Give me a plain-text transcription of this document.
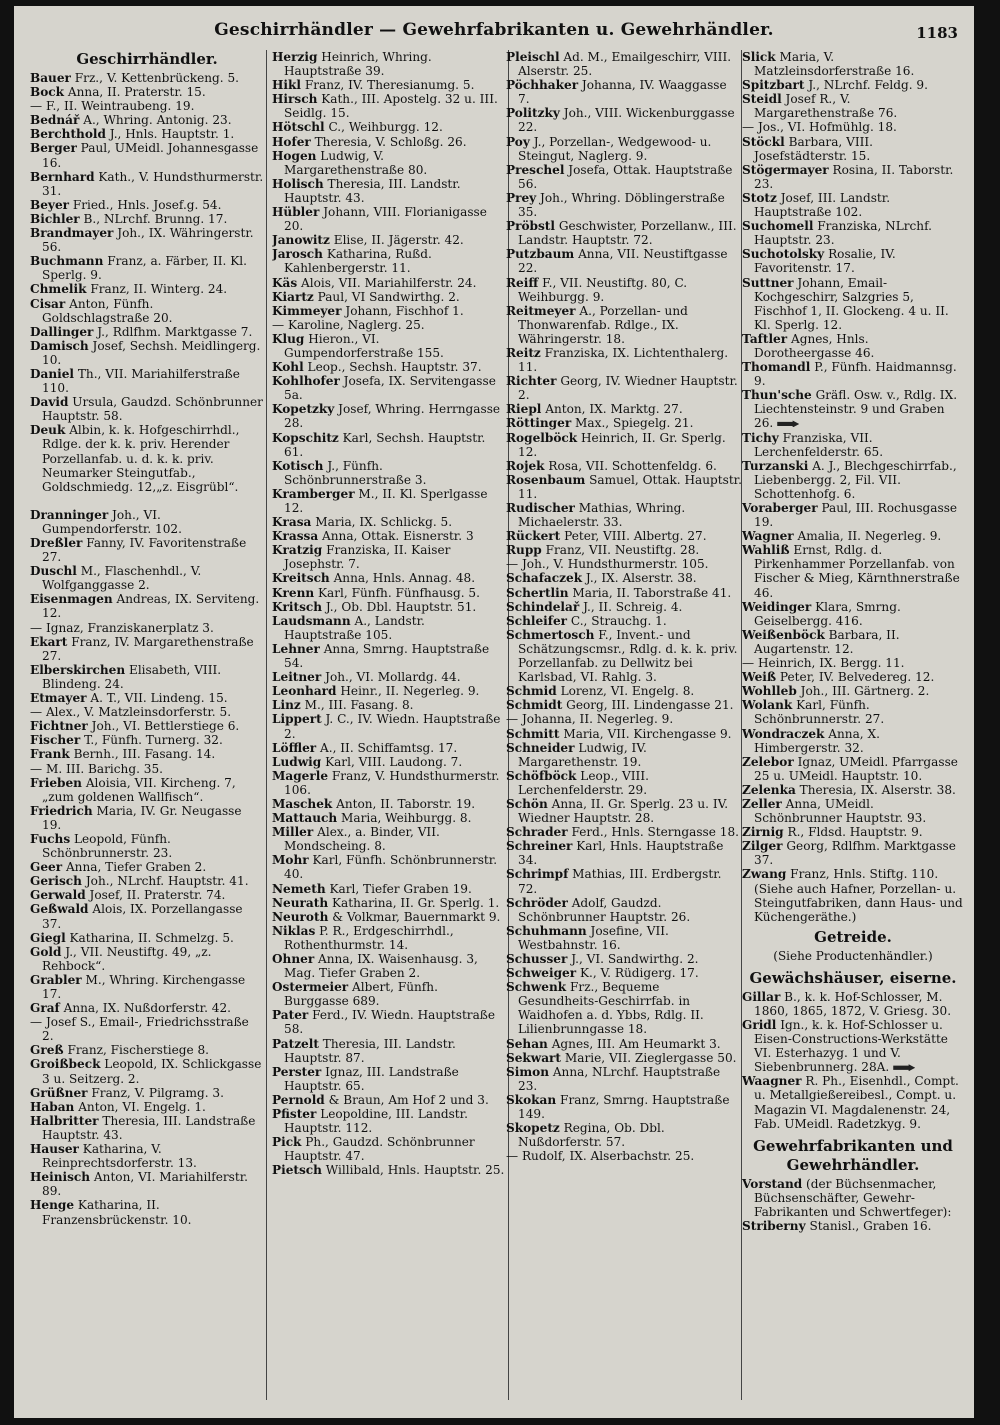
Geschirrhändler — Gewehrfabrikanten u. Gewehrhändler.	1183
Geschirrhändler.
Bauer Frz., V. Kettenbrückeng. 5.
Bock Anna, II. Praterstr. 15.
— F., II. Weintraubeng. 19.
Bednář A., Whring. Antonig. 23.
Berchthold J., Hnls. Hauptstr. 1.
Berger Paul, UMeidl. Johannesgasse 16.
Bernhard Kath., V. Hundsthurmerstr. 31.
Beyer Fried., Hnls. Josef.g. 54.
Bichler B., NLrchf. Brunng. 17.
Brandmayer Joh., IX. Währingerstr. 56.
Buchmann Franz, a. Färber, II. Kl. Sperlg. 9.
Chmelik Franz, II. Winterg. 24.
Cisar Anton, Fünfh. Goldschlagstraße 20.
Dallinger J., Rdlfhm. Marktgasse 7.
Damisch Josef, Sechsh. Meidlingerg. 10.
Daniel Th., VII. Mariahilferstraße 110.
David Ursula, Gaudzd. Schönbrunner Hauptstr. 58.
Deuk Albin, k. k. Hofgeschirrhdl., Rdlge. der k. k. priv. Herender Porzellanfab. u. d. k. k. priv. Neumarker Steingutfab., Goldschmiedg. 12,„z. Eisgrübl“.
Dranninger Joh., VI. Gumpendorferstr. 102.
Dreßler Fanny, IV. Favoritenstraße 27.
Duschl M., Flaschenhdl., V. Wolfganggasse 2.
Eisenmagen Andreas, IX. Serviteng. 12.
— Ignaz, Franziskanerplatz 3.
Ekart Franz, IV. Margarethenstraße 27.
Elberskirchen Elisabeth, VIII. Blindeng. 24.
Etmayer A. T., VII. Lindeng. 15.
— Alex., V. Matzleinsdorferstr. 5.
Fichtner Joh., VI. Bettlerstiege 6.
Fischer T., Fünfh. Turnerg. 32.
Frank Bernh., III. Fasang. 14.
— M. III. Barichg. 35.
Frieben Aloisia, VII. Kircheng. 7, „zum goldenen Wallfisch“.
Friedrich Maria, IV. Gr. Neugasse 19.
Fuchs Leopold, Fünfh. Schönbrunnerstr. 23.
Geer Anna, Tiefer Graben 2.
Gerisch Joh., NLrchf. Hauptstr. 41.
Gerwald Josef, II. Praterstr. 74.
Geßwald Alois, IX. Porzellangasse 37.
Giegl Katharina, II. Schmelzg. 5.
Gold J., VII. Neustiftg. 49, „z. Rehbock“.
Grabler M., Whring. Kirchengasse 17.
Graf Anna, IX. Nußdorferstr. 42.
— Josef S., Email-, Friedrichsstraße 2.
Greß Franz, Fischerstiege 8.
Groißbeck Leopold, IX. Schlickgasse 3 u. Seitzerg. 2.
Grüßner Franz, V. Pilgramg. 3.
Haban Anton, VI. Engelg. 1.
Halbritter Theresia, III. Landstraße Hauptstr. 43.
Hauser Katharina, V. Reinprechtsdorferstr. 13.
Heinisch Anton, VI. Mariahilferstr. 89.
Henge Katharina, II. Franzensbrückenstr. 10.
Herzig Heinrich, Whring. Hauptstraße 39.
Hikl Franz, IV. Theresianumg. 5.
Hirsch Kath., III. Apostelg. 32 u. III. Seidlg. 15.
Hötschl C., Weihburgg. 12.
Hofer Theresia, V. Schloßg. 26.
Hogen Ludwig, V. Margarethenstraße 80.
Holisch Theresia, III. Landstr. Hauptstr. 43.
Hübler Johann, VIII. Florianigasse 20.
Janowitz Elise, II. Jägerstr. 42.
Jarosch Katharina, Rußd. Kahlenbergerstr. 11.
Käs Alois, VII. Mariahilferstr. 24.
Kiartz Paul, VI Sandwirthg. 2.
Kimmeyer Johann, Fischhof 1.
— Karoline, Naglerg. 25.
Klug Hieron., VI. Gumpendorferstraße 155.
Kohl Leop., Sechsh. Hauptstr. 37.
Kohlhofer Josefa, IX. Servitengasse 5a.
Kopetzky Josef, Whring. Herrngasse 28.
Kopschitz Karl, Sechsh. Hauptstr. 61.
Kotisch J., Fünfh. Schönbrunnerstraße 3.
Kramberger M., II. Kl. Sperlgasse 12.
Krasa Maria, IX. Schlickg. 5.
Krassa Anna, Ottak. Eisnerstr. 3
Kratzig Franziska, II. Kaiser Josephstr. 7.
Kreitsch Anna, Hnls. Annag. 48.
Krenn Karl, Fünfh. Fünfhausg. 5.
Kritsch J., Ob. Dbl. Hauptstr. 51.
Laudsmann A., Landstr. Hauptstraße 105.
Lehner Anna, Smrng. Hauptstraße 54.
Leitner Joh., VI. Mollardg. 44.
Leonhard Heinr., II. Negerleg. 9.
Linz M., III. Fasang. 8.
Lippert J. C., IV. Wiedn. Hauptstraße 2.
Löffler A., II. Schiffamtsg. 17.
Ludwig Karl, VIII. Laudong. 7.
Magerle Franz, V. Hundsthurmerstr. 106.
Maschek Anton, II. Taborstr. 19.
Mattauch Maria, Weihburgg. 8.
Miller Alex., a. Binder, VII. Mondscheing. 8.
Mohr Karl, Fünfh. Schönbrunnerstr. 40.
Nemeth Karl, Tiefer Graben 19.
Neurath Katharina, II. Gr. Sperlg. 1.
Neuroth & Volkmar, Bauernmarkt 9.
Niklas P. R., Erdgeschirrhdl., Rothenthurmstr. 14.
Ohner Anna, IX. Waisenhausg. 3, Mag. Tiefer Graben 2.
Ostermeier Albert, Fünfh. Burggasse 689.
Pater Ferd., IV. Wiedn. Hauptstraße 58.
Patzelt Theresia, III. Landstr. Hauptstr. 87.
Perster Ignaz, III. Landstraße Hauptstr. 65.
Pernold & Braun, Am Hof 2 und 3.
Pfister Leopoldine, III. Landstr. Hauptstr. 112.
Pick Ph., Gaudzd. Schönbrunner Hauptstr. 47.
Pietsch Willibald, Hnls. Hauptstr. 25.
Pleischl Ad. M., Emailgeschirr, VIII. Alserstr. 25.
Pöchhaker Johanna, IV. Waaggasse 7.
Politzky Joh., VIII. Wickenburggasse 22.
Poy J., Porzellan-, Wedgewood- u. Steingut, Naglerg. 9.
Preschel Josefa, Ottak. Hauptstraße 56.
Prey Joh., Whring. Döblingerstraße 35.
Pröbstl Geschwister, Porzellanw., III. Landstr. Hauptstr. 72.
Putzbaum Anna, VII. Neustiftgasse 22.
Reiff F., VII. Neustiftg. 80, C. Weihburgg. 9.
Reitmeyer A., Porzellan- und Thonwarenfab. Rdlge., IX. Währingerstr. 18.
Reitz Franziska, IX. Lichtenthalerg. 11.
Richter Georg, IV. Wiedner Hauptstr. 2.
Riepl Anton, IX. Marktg. 27.
Röttinger Max., Spiegelg. 21.
Rogelböck Heinrich, II. Gr. Sperlg. 12.
Rojek Rosa, VII. Schottenfeldg. 6.
Rosenbaum Samuel, Ottak. Hauptstr. 11.
Rudischer Mathias, Whring. Michaelerstr. 33.
Rückert Peter, VIII. Albertg. 27.
Rupp Franz, VII. Neustiftg. 28.
— Joh., V. Hundsthurmerstr. 105.
Schafaczek J., IX. Alserstr. 38.
Schertlin Maria, II. Taborstraße 41.
Schindelař J., II. Schreig. 4.
Schleifer C., Strauchg. 1.
Schmertosch F., Invent.- und Schätzungscmsr., Rdlg. d. k. k. priv. Porzellanfab. zu Dellwitz bei Karlsbad, VI. Rahlg. 3.
Schmid Lorenz, VI. Engelg. 8.
Schmidt Georg, III. Lindengasse 21.
— Johanna, II. Negerleg. 9.
Schmitt Maria, VII. Kirchengasse 9.
Schneider Ludwig, IV. Margarethenstr. 19.
Schöfböck Leop., VIII. Lerchenfelderstr. 29.
Schön Anna, II. Gr. Sperlg. 23 u. IV. Wiedner Hauptstr. 28.
Schrader Ferd., Hnls. Sterngasse 18.
Schreiner Karl, Hnls. Hauptstraße 34.
Schrimpf Mathias, III. Erdbergstr. 72.
Schröder Adolf, Gaudzd. Schönbrunner Hauptstr. 26.
Schuhmann Josefine, VII. Westbahnstr. 16.
Schusser J., VI. Sandwirthg. 2.
Schweiger K., V. Rüdigerg. 17.
Schwenk Frz., Bequeme Gesundheits-Geschirrfab. in Waidhofen a. d. Ybbs, Rdlg. II. Lilienbrunngasse 18.
Sehan Agnes, III. Am Heumarkt 3.
Sekwart Marie, VII. Zieglergasse 50.
Simon Anna, NLrchf. Hauptstraße 23.
Skokan Franz, Smrng. Hauptstraße 149.
Skopetz Regina, Ob. Dbl. Nußdorferstr. 57.
— Rudolf, IX. Alserbachstr. 25.
Slick Maria, V. Matzleinsdorferstraße 16.
Spitzbart J., NLrchf. Feldg. 9.
Steidl Josef R., V. Margarethenstraße 76.
— Jos., VI. Hofmühlg. 18.
Stöckl Barbara, VIII. Josefstädterstr. 15.
Stögermayer Rosina, II. Taborstr. 23.
Stotz Josef, III. Landstr. Hauptstraße 102.
Suchomell Franziska, NLrchf. Hauptstr. 23.
Suchotolsky Rosalie, IV. Favoritenstr. 17.
Suttner Johann, Email-Kochgeschirr, Salzgries 5, Fischhof 1, II. Glockeng. 4 u. II. Kl. Sperlg. 12.
Taftler Agnes, Hnls. Dorotheergasse 46.
Thomandl P., Fünfh. Haidmannsg. 9.
Thun'sche Gräfl. Osw. v., Rdlg. IX. Liechtensteinstr. 9 und Graben 26.
Tichy Franziska, VII. Lerchenfelderstr. 65.
Turzanski A. J., Blechgeschirrfab., Liebenbergg. 2, Fil. VII. Schottenhofg. 6.
Voraberger Paul, III. Rochusgasse 19.
Wagner Amalia, II. Negerleg. 9.
Wahliß Ernst, Rdlg. d. Pirkenhammer Porzellanfab. von Fischer & Mieg, Kärnthnerstraße 46.
Weidinger Klara, Smrng. Geiselbergg. 416.
Weißenböck Barbara, II. Augartenstr. 12.
— Heinrich, IX. Bergg. 11.
Weiß Peter, IV. Belvedereg. 12.
Wohlleb Joh., III. Gärtnerg. 2.
Wolank Karl, Fünfh. Schönbrunnerstr. 27.
Wondraczek Anna, X. Himbergerstr. 32.
Zelebor Ignaz, UMeidl. Pfarrgasse 25 u. UMeidl. Hauptstr. 10.
Zelenka Theresia, IX. Alserstr. 38.
Zeller Anna, UMeidl. Schönbrunner Hauptstr. 93.
Zirnig R., Fldsd. Hauptstr. 9.
Zilger Georg, Rdlfhm. Marktgasse 37.
Zwang Franz, Hnls. Stiftg. 110. (Siehe auch Hafner, Porzellan- u. Steingutfabriken, dann Haus- und Küchengeräthe.)
Getreide.
(Siehe Productenhändler.)
Gewächshäuser, eiserne.
Gillar B., k. k. Hof-Schlosser, M. 1860, 1865, 1872, V. Griesg. 30.
Gridl Ign., k. k. Hof-Schlosser u. Eisen-Constructions-Werkstätte VI. Esterhazyg. 1 und V. Siebenbrunnerg. 28A.
Waagner R. Ph., Eisenhdl., Compt. u. Metallgießereibesl., Compt. u. Magazin VI. Magdalenenstr. 24, Fab. UMeidl. Radetzkyg. 9.
Gewehrfabrikanten und Gewehrhändler.
Vorstand (der Büchsenmacher, Büchsenschäfter, Gewehr-Fabrikanten und Schwertfeger):
Striberny Stanisl., Graben 16.
